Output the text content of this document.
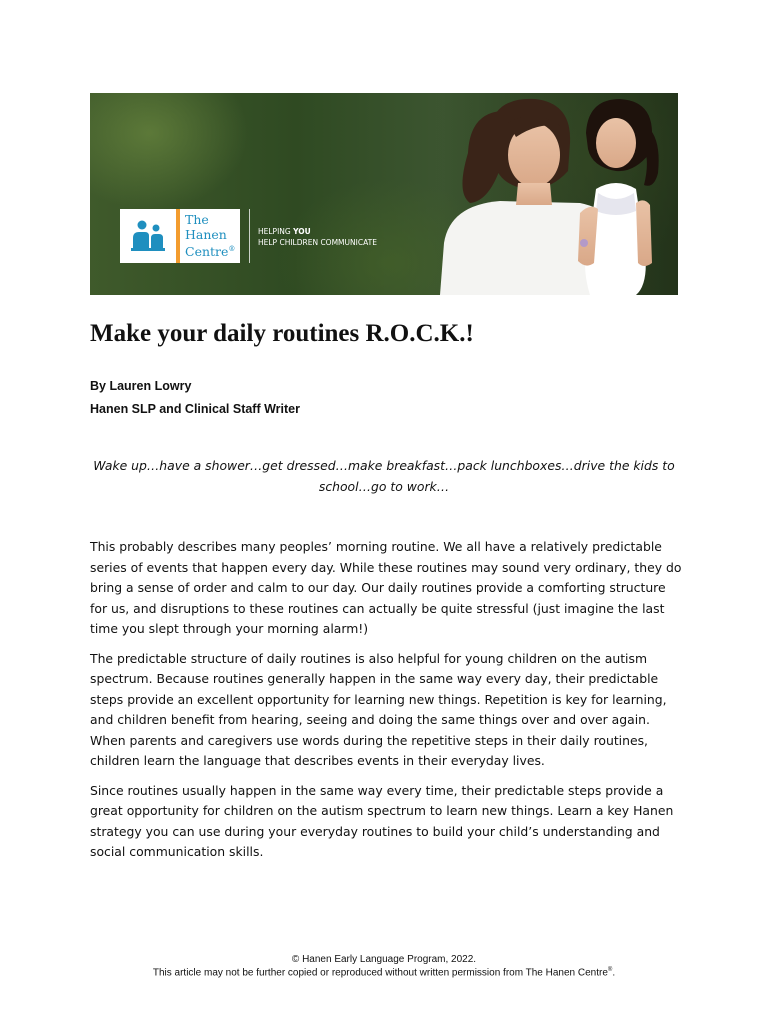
The
Hanen
Centre®
HELPING YOU
HELP CHILDREN COMMUNICATE
Make your daily routines R.O.C.K.!
By Lauren Lowry
Hanen SLP and Clinical Staff Writer

Wake up…have a shower…get dressed…make breakfast…pack lunchboxes…drive the kids to school…go to work…

This probably describes many peoples’ morning routine. We all have a relatively predictable series of events that happen every day. While these routines may sound very ordinary, they do bring a sense of order and calm to our day. Our daily routines provide a comforting structure for us, and disruptions to these routines can actually be quite stressful (just imagine the last time you slept through your morning alarm!)

The predictable structure of daily routines is also helpful for young children on the autism spectrum. Because routines generally happen in the same way every day, their predictable steps provide an excellent opportunity for learning new things. Repetition is key for learning, and children benefit from hearing, seeing and doing the same things over and over again. When parents and caregivers use words during the repetitive steps in their daily routines, children learn the language that describes events in their everyday lives.

Since routines usually happen in the same way every time, their predictable steps provide a great opportunity for children on the autism spectrum to learn new things. Learn a key Hanen strategy you can use during your everyday routines to build your child’s understanding and social communication skills.

© Hanen Early Language Program, 2022.
This article may not be further copied or reproduced without written permission from The Hanen Centre®.
